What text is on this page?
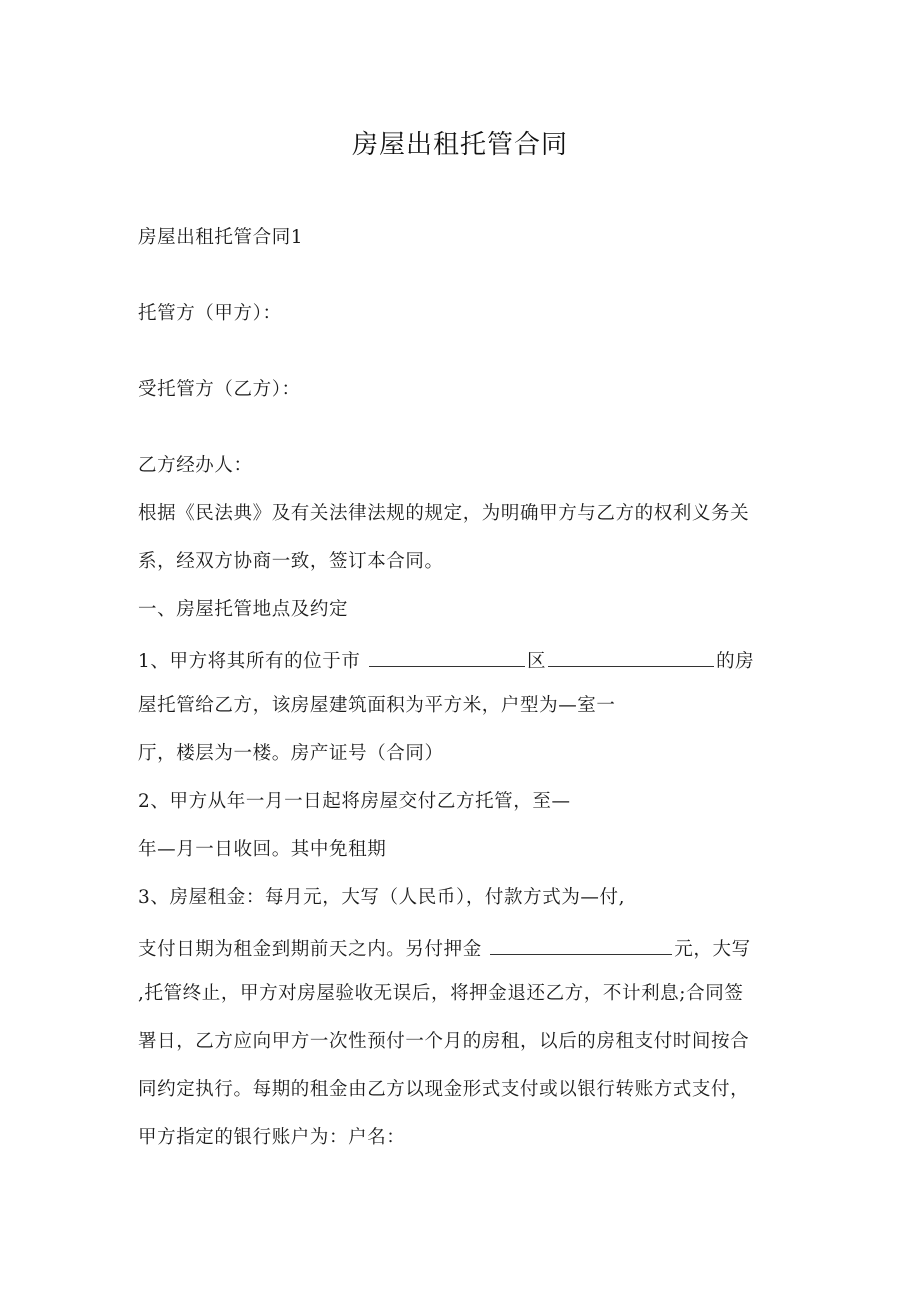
房屋出租托管合同
房屋出租托管合同1
托管方（甲方）：
受托管方（乙方）：
乙方经办人：
根据《民法典》及有关法律法规的规定，为明确甲方与乙方的权利义务关
系，经双方协商一致，签订本合同。
一、房屋托管地点及约定
1、甲方将其所有的位于市	区	的房
屋托管给乙方，该房屋建筑面积为平方米，户型为—室一
厅，楼层为一楼。房产证号（合同）
2、甲方从年一月一日起将房屋交付乙方托管，至—
年—月一日收回。其中免租期
3、房屋租金：每月元，大写（人民币），付款方式为—付,
支付日期为租金到期前天之内。另付押金	元，大写
,托管终止，甲方对房屋验收无误后，将押金退还乙方，不计利息;合同签
署日，乙方应向甲方一次性预付一个月的房租，以后的房租支付时间按合
同约定执行。每期的租金由乙方以现金形式支付或以银行转账方式支付，
甲方指定的银行账户为：户名：
